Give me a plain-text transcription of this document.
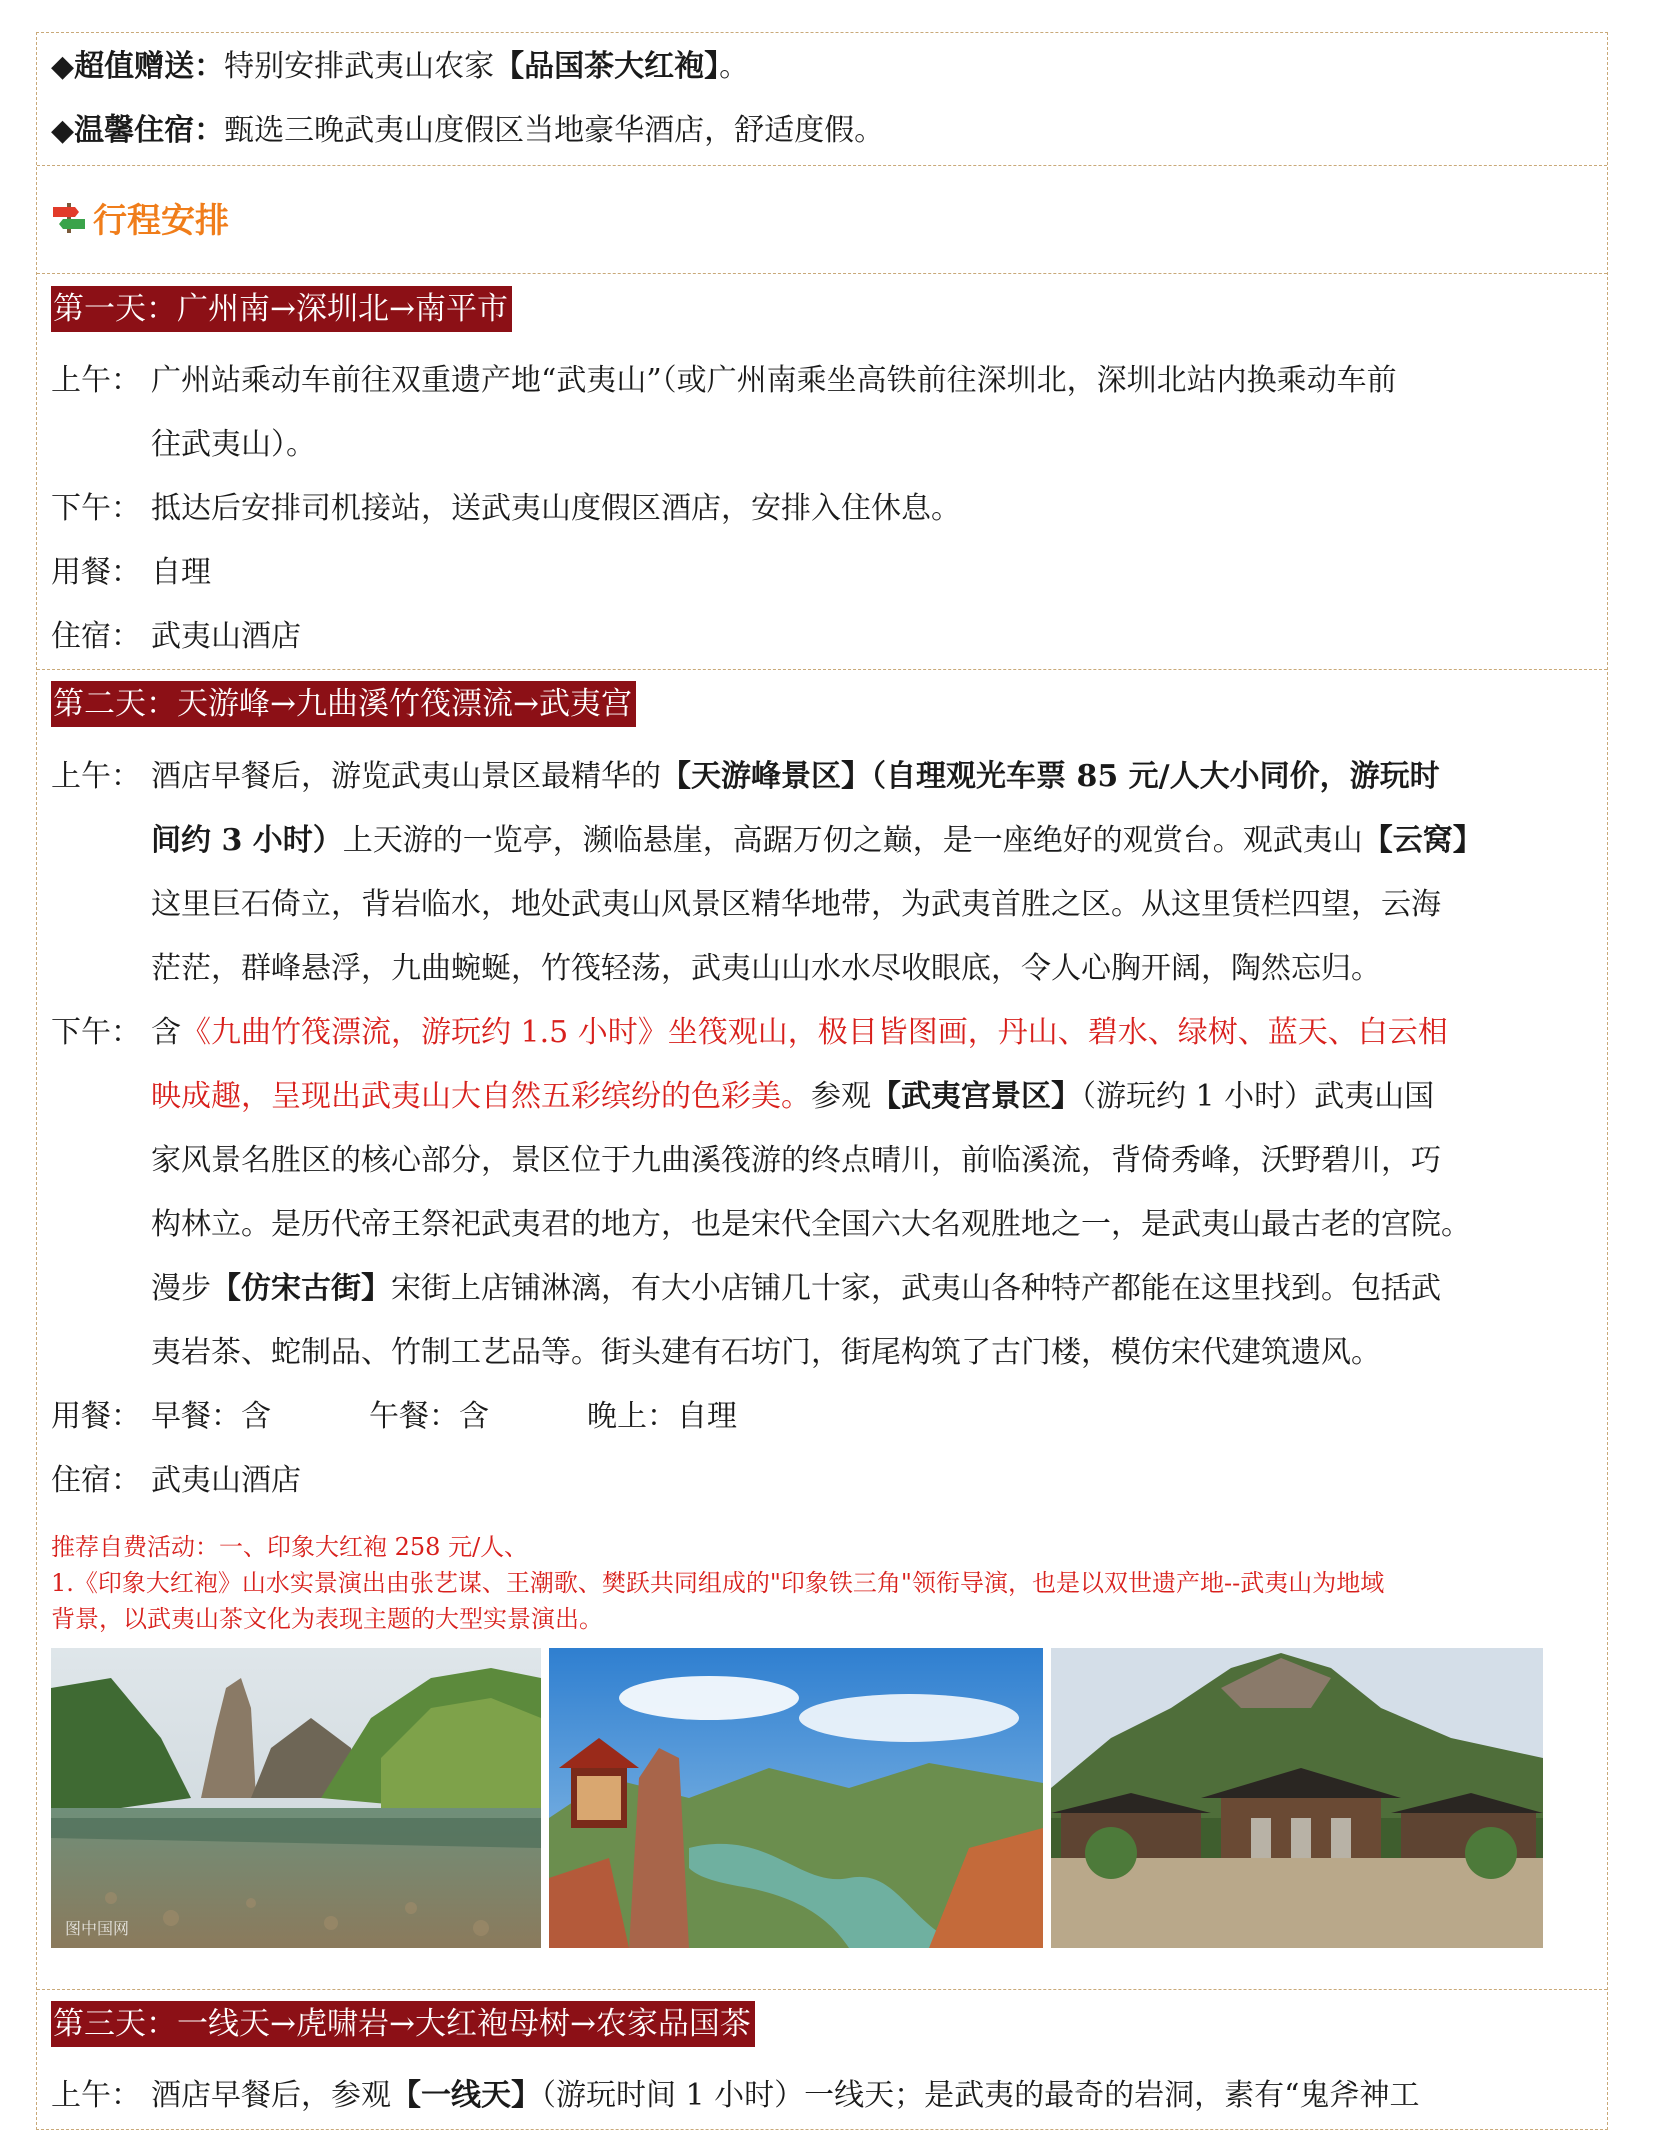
◆超值赠送：特别安排武夷山农家【品国茶大红袍】。
◆温馨住宿：甄选三晚武夷山度假区当地豪华酒店，舒适度假。
行程安排
第一天：广州南→深圳北→南平市
上午： 广州站乘动车前往双重遗产地“武夷山”（或广州南乘坐高铁前往深圳北，深圳北站内换乘动车前
往武夷山）。
下午： 抵达后安排司机接站，送武夷山度假区酒店，安排入住休息。
用餐： 自理
住宿： 武夷山酒店
第二天：天游峰→九曲溪竹筏漂流→武夷宫
上午： 酒店早餐后，游览武夷山景区最精华的【天游峰景区】（自理观光车票 85 元/人大小同价，游玩时
间约 3 小时）上天游的一览亭，濒临悬崖，高踞万仞之巅，是一座绝好的观赏台。观武夷山【云窝】
这里巨石倚立，背岩临水，地处武夷山风景区精华地带，为武夷首胜之区。从这里赁栏四望，云海
茫茫，群峰悬浮，九曲蜿蜒，竹筏轻荡，武夷山山水水尽收眼底，令人心胸开阔，陶然忘归。
下午： 含《九曲竹筏漂流，游玩约 1.5 小时》坐筏观山，极目皆图画，丹山、碧水、绿树、蓝天、白云相
映成趣，呈现出武夷山大自然五彩缤纷的色彩美。参观【武夷宫景区】（游玩约 1 小时）武夷山国
家风景名胜区的核心部分，景区位于九曲溪筏游的终点晴川，前临溪流，背倚秀峰，沃野碧川，巧
构林立。是历代帝王祭祀武夷君的地方，也是宋代全国六大名观胜地之一，是武夷山最古老的宫院。
漫步【仿宋古街】宋街上店铺淋漓，有大小店铺几十家，武夷山各种特产都能在这里找到。包括武
夷岩茶、蛇制品、竹制工艺品等。街头建有石坊门，街尾构筑了古门楼，模仿宋代建筑遗风。
用餐： 早餐：含	午餐：含	晚上：自理
住宿： 武夷山酒店
推荐自费活动：一、印象大红袍 258 元/人、
1.《印象大红袍》山水实景演出由张艺谋、王潮歌、樊跃共同组成的"印象铁三角"领衔导演，也是以双世遗产地--武夷山为地域
背景，以武夷山茶文化为表现主题的大型实景演出。
图中国网
第三天：一线天→虎啸岩→大红袍母树→农家品国茶
上午： 酒店早餐后，参观【一线天】（游玩时间 1 小时）一线天；是武夷的最奇的岩洞，素有“鬼斧神工
